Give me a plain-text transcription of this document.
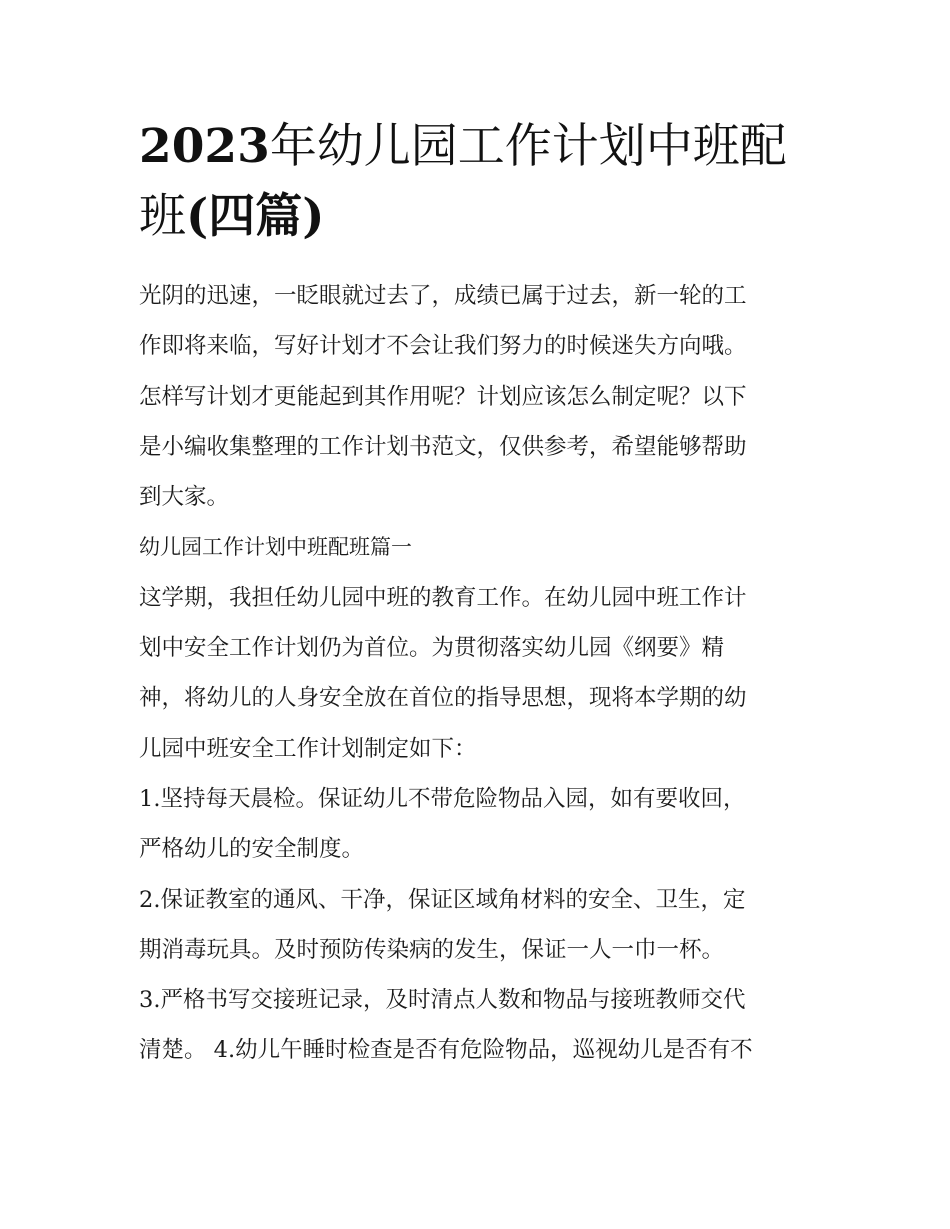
2023年幼儿园工作计划中班配
班(四篇)
光阴的迅速，一眨眼就过去了，成绩已属于过去，新一轮的工
作即将来临，写好计划才不会让我们努力的时候迷失方向哦。
怎样写计划才更能起到其作用呢？计划应该怎么制定呢？以下
是小编收集整理的工作计划书范文，仅供参考，希望能够帮助
到大家。
幼儿园工作计划中班配班篇一
这学期，我担任幼儿园中班的教育工作。在幼儿园中班工作计
划中安全工作计划仍为首位。为贯彻落实幼儿园《纲要》精
神，将幼儿的人身安全放在首位的指导思想，现将本学期的幼
儿园中班安全工作计划制定如下：
1.坚持每天晨检。保证幼儿不带危险物品入园，如有要收回，
严格幼儿的安全制度。
2.保证教室的通风、干净，保证区域角材料的安全、卫生，定
期消毒玩具。及时预防传染病的发生，保证一人一巾一杯。
3.严格书写交接班记录，及时清点人数和物品与接班教师交代
清楚。 4.幼儿午睡时检查是否有危险物品，巡视幼儿是否有不
